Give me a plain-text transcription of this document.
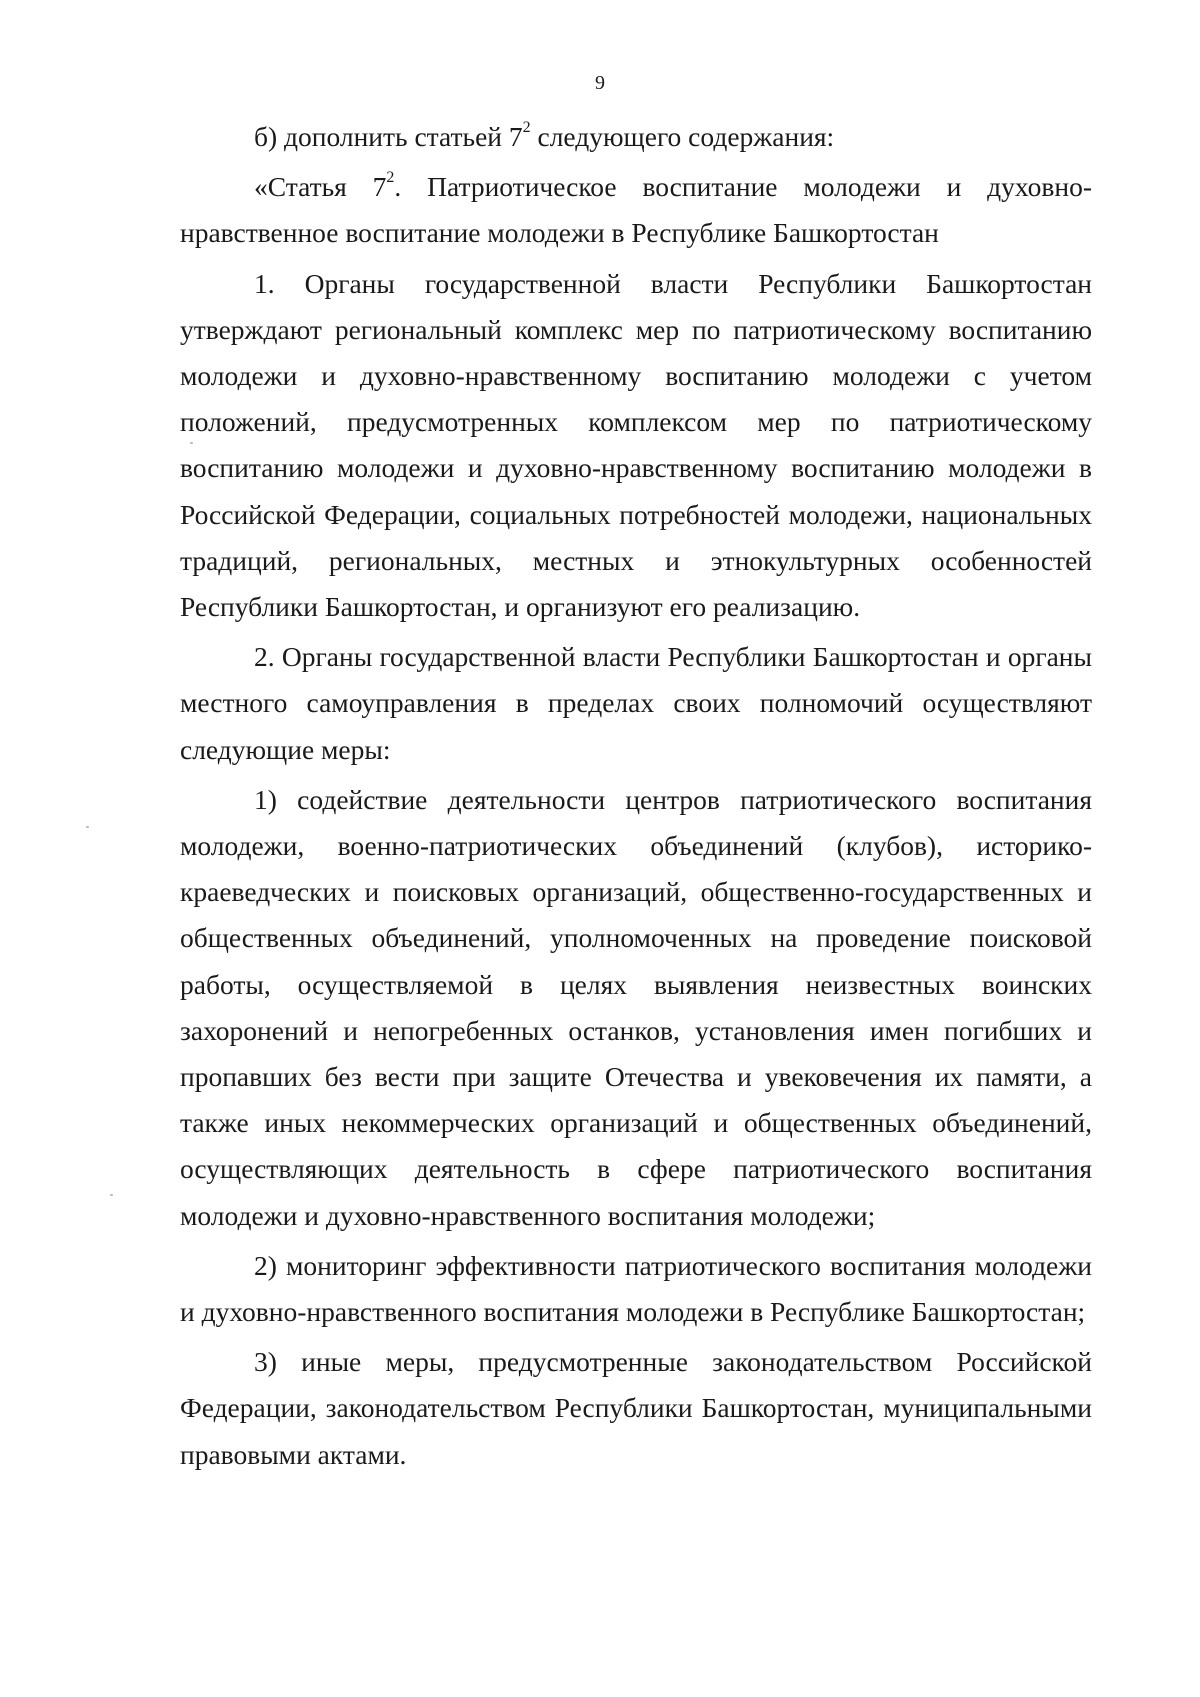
9

б) дополнить статьей $7^2$ следующего содержания:

«Статья $7^2$. Патриотическое воспитание молодежи и духовно-нравственное воспитание молодежи в Республике Башкортостан

1. Органы государственной власти Республики Башкортостан утверждают региональный комплекс мер по патриотическому воспитанию молодежи и духовно-нравственному воспитанию молодежи с учетом положений, предусмотренных комплексом мер по патриотическому воспитанию молодежи и духовно-нравственному воспитанию молодежи в Российской Федерации, социальных потребностей молодежи, национальных традиций, региональных, местных и этнокультурных особенностей Республики Башкортостан, и организуют его реализацию.

2. Органы государственной власти Республики Башкортостан и органы местного самоуправления в пределах своих полномочий осуществляют следующие меры:

1) содействие деятельности центров патриотического воспитания молодежи, военно-патриотических объединений (клубов), историко-краеведческих и поисковых организаций, общественно-государственных и общественных объединений, уполномоченных на проведение поисковой работы, осуществляемой в целях выявления неизвестных воинских захоронений и непогребенных останков, установления имен погибших и пропавших без вести при защите Отечества и увековечения их памяти, а также иных некоммерческих организаций и общественных объединений, осуществляющих деятельность в сфере патриотического воспитания молодежи и духовно-нравственного воспитания молодежи;

2) мониторинг эффективности патриотического воспитания молодежи и духовно-нравственного воспитания молодежи в Республике Башкортостан;

3) иные меры, предусмотренные законодательством Российской Федерации, законодательством Республики Башкортостан, муниципальными правовыми актами.
